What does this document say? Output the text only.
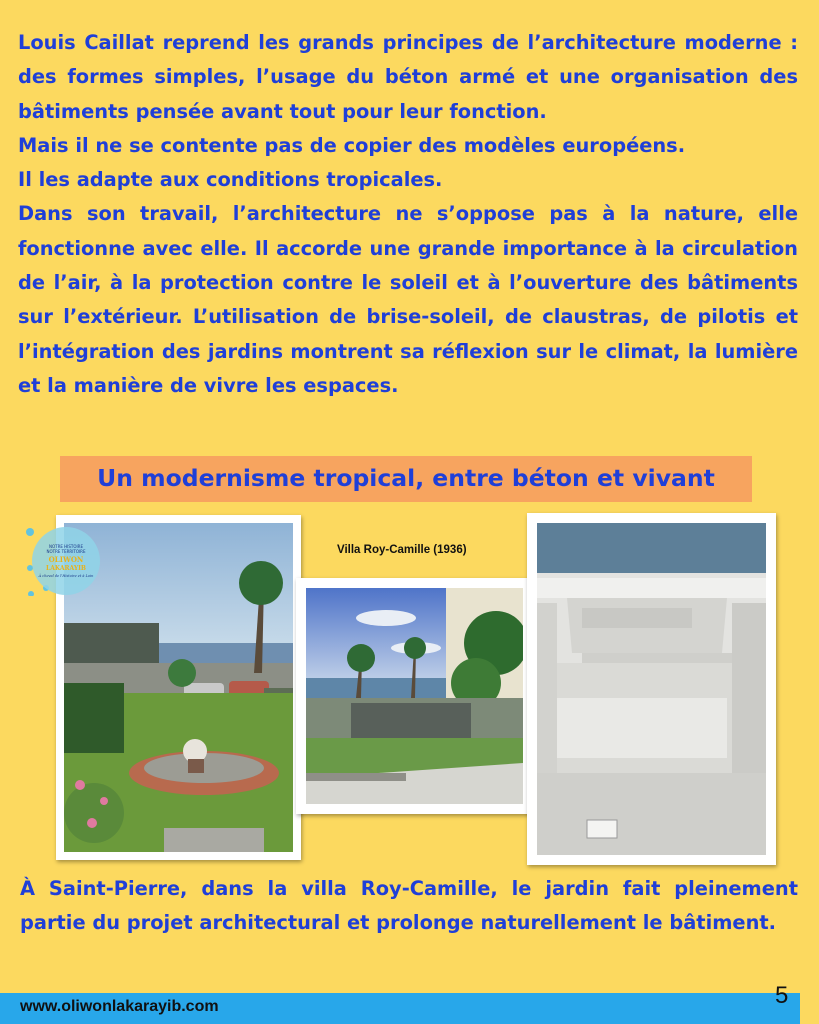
Louis Caillat reprend les grands principes de l’architecture moderne : des formes simples, l’usage du béton armé et une organisation des bâtiments pensée avant tout pour leur fonction.

Mais il ne se contente pas de copier des modèles européens.

Il les adapte aux conditions tropicales.

Dans son travail, l’architecture ne s’oppose pas à la nature, elle fonctionne avec elle. Il accorde une grande importance à la circulation de l’air, à la protection contre le soleil et à l’ouverture des bâtiments sur l’extérieur. L’utilisation de brise-soleil, de claustras, de pilotis et l’intégration des jardins montrent sa réflexion sur le climat, la lumière et la manière de vivre les espaces.

Un modernisme tropical, entre béton et vivant
NOTRE HISTOIRE
NOTRE TERRITOIRE
OLIWON
LAKARAYIB
À cheval de l'Histoire et à Loin
Villa Roy-Camille (1936)

À Saint-Pierre, dans la villa Roy-Camille, le jardin fait pleinement partie du projet architectural et prolonge naturellement le bâtiment.

www.oliwonlakarayib.com	5
